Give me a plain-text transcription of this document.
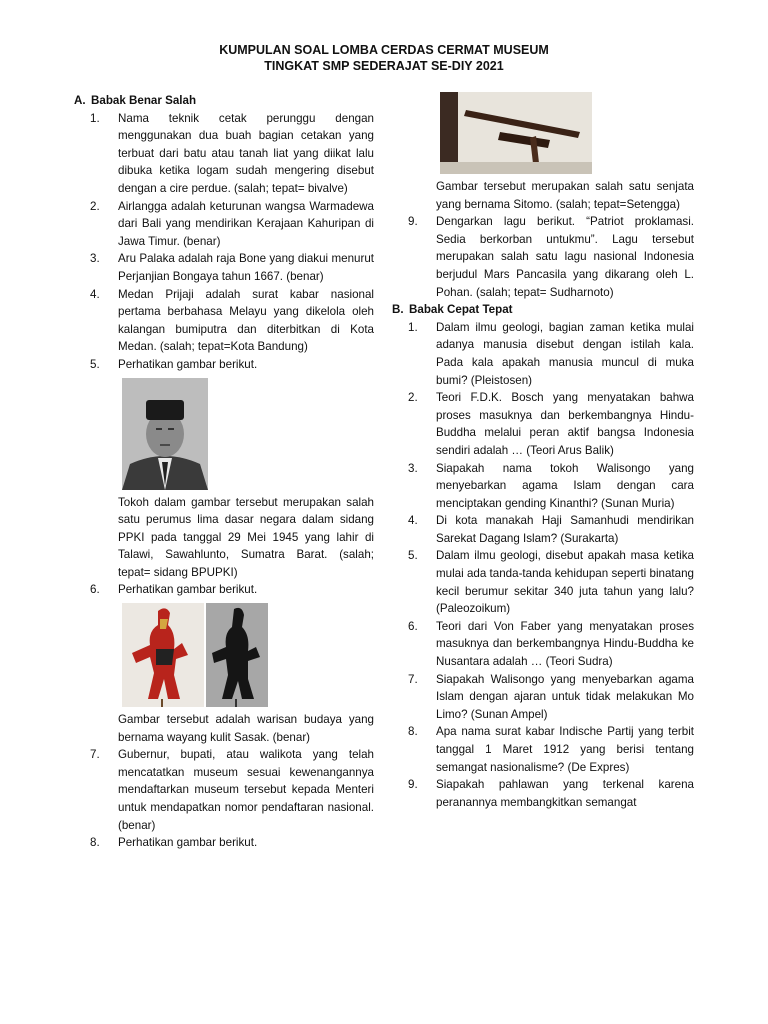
KUMPULAN SOAL LOMBA CERDAS CERMAT MUSEUM
TINGKAT SMP SEDERAJAT SE-DIY 2021
A. Babak Benar Salah
1.	Nama teknik cetak perunggu dengan menggunakan dua buah bagian cetakan yang terbuat dari batu atau tanah liat yang diikat lalu dibuka ketika logam sudah mengering disebut dengan a cire perdue. (salah; tepat= bivalve)
2.	Airlangga adalah keturunan wangsa Warmadewa dari Bali yang mendirikan Kerajaan Kahuripan di Jawa Timur. (benar)
3.	Aru Palaka adalah raja Bone yang diakui menurut Perjanjian Bongaya tahun 1667. (benar)
4.	Medan Prijaji adalah surat kabar nasional pertama berbahasa Melayu yang dikelola oleh kalangan bumiputra dan diterbitkan di Kota Medan. (salah; tepat=Kota Bandung)
5.	Perhatikan gambar berikut.
Tokoh dalam gambar tersebut merupakan salah satu perumus lima dasar negara dalam sidang PPKI pada tanggal 29 Mei 1945 yang lahir di Talawi, Sawahlunto, Sumatra Barat. (salah; tepat= sidang BPUPKI)
6.	Perhatikan gambar berikut.
Gambar tersebut adalah warisan budaya yang bernama wayang kulit Sasak. (benar)
7.	Gubernur, bupati, atau walikota yang telah mencatatkan museum sesuai kewenangannya mendaftarkan museum tersebut kepada Menteri untuk mendapatkan nomor pendaftaran nasional. (benar)
8.	Perhatikan gambar berikut.
Gambar tersebut merupakan salah satu senjata yang bernama Sitomo. (salah; tepat=Setengga)
9.	Dengarkan lagu berikut. “Patriot proklamasi. Sedia berkorban untukmu”. Lagu tersebut merupakan salah satu lagu nasional Indonesia berjudul Mars Pancasila yang dikarang oleh L. Pohan. (salah; tepat= Sudharnoto)
B. Babak Cepat Tepat
1.	Dalam ilmu geologi, bagian zaman ketika mulai adanya manusia disebut dengan istilah kala. Pada kala apakah manusia muncul di muka bumi? (Pleistosen)
2.	Teori F.D.K. Bosch yang menyatakan bahwa proses masuknya dan berkembangnya Hindu-Buddha melalui peran aktif bangsa Indonesia sendiri adalah … (Teori Arus Balik)
3.	Siapakah nama tokoh Walisongo yang menyebarkan agama Islam dengan cara menciptakan gending Kinanthi? (Sunan Muria)
4.	Di kota manakah Haji Samanhudi mendirikan Sarekat Dagang Islam? (Surakarta)
5.	Dalam ilmu geologi, disebut apakah masa ketika mulai ada tanda-tanda kehidupan seperti binatang kecil berumur sekitar 340 juta tahun yang lalu? (Paleozoikum)
6.	Teori dari Von Faber yang menyatakan proses masuknya dan berkembangnya Hindu-Buddha ke Nusantara adalah … (Teori Sudra)
7.	Siapakah Walisongo yang menyebarkan agama Islam dengan ajaran untuk tidak melakukan Mo Limo? (Sunan Ampel)
8.	Apa nama surat kabar Indische Partij yang terbit tanggal 1 Maret 1912 yang berisi tentang semangat nasionalisme? (De Expres)
9.	Siapakah pahlawan yang terkenal karena peranannya membangkitkan semangat
